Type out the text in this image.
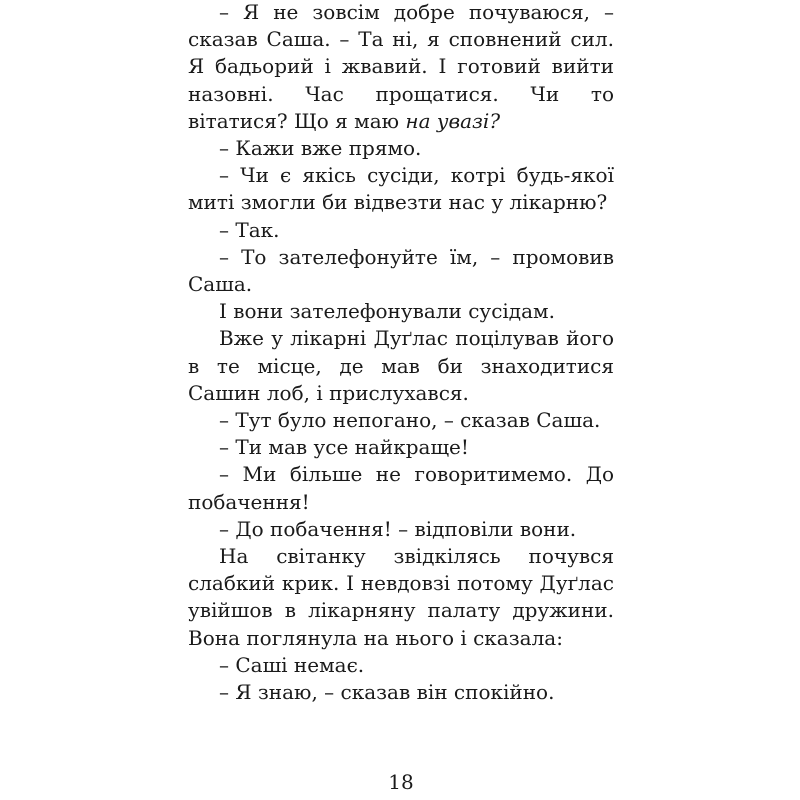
– Я не зовсім добре почуваюся, – сказав Саша. – Та ні, я сповнений сил. Я бадьорий і жвавий. І готовий вийти назовні. Час прощатися. Чи то вітатися? Що я маю на увазі?

– Кажи вже прямо.

– Чи є якісь сусіди, котрі будь-якої миті змогли би відвезти нас у лікарню?

– Так.

– То зателефонуйте їм, – промовив Саша.

І вони зателефонували сусідам.

Вже у лікарні Дуґлас поцілував його в те місце, де мав би знаходитися Сашин лоб, і прислухався.

– Тут було непогано, – сказав Саша.

– Ти мав усе найкраще!

– Ми більше не говоритимемо. До побачення!

– До побачення! – відповіли вони.

На світанку звідкілясь почувся слабкий крик. І невдовзі потому Дуґлас увійшов в лікарняну палату дружини. Вона поглянула на нього і сказала:

– Саші немає.

– Я знаю, – сказав він спокійно.

18
